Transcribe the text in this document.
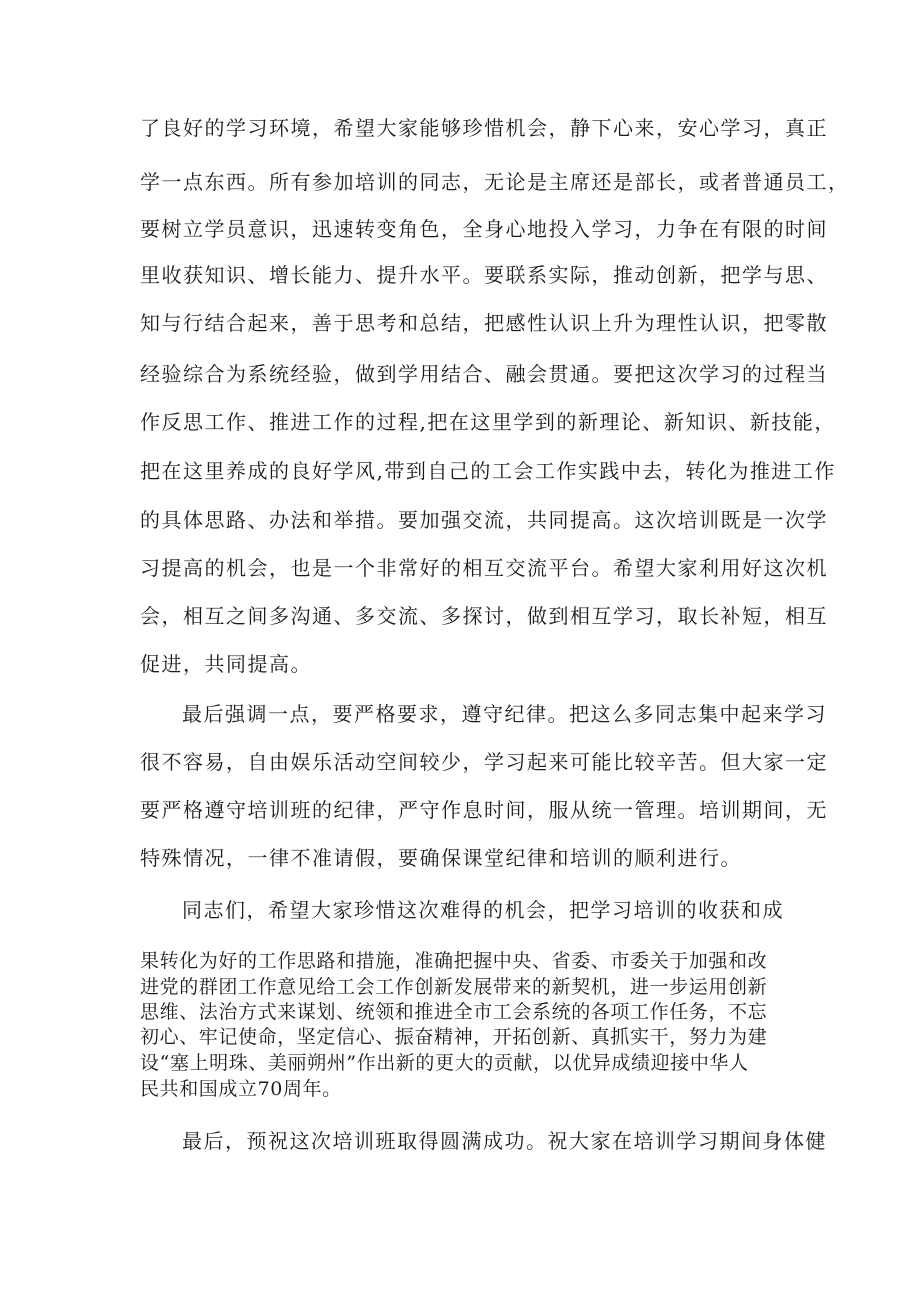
了良好的学习环境，希望大家能够珍惜机会，静下心来，安心学习，真正
学一点东西。所有参加培训的同志，无论是主席还是部长，或者普通员工，
要树立学员意识，迅速转变角色，全身心地投入学习，力争在有限的时间
里收获知识、增长能力、提升水平。要联系实际，推动创新，把学与思、
知与行结合起来，善于思考和总结，把感性认识上升为理性认识，把零散
经验综合为系统经验，做到学用结合、融会贯通。要把这次学习的过程当
作反思工作、推进工作的过程,把在这里学到的新理论、新知识、新技能，
把在这里养成的良好学风,带到自己的工会工作实践中去，转化为推进工作
的具体思路、办法和举措。要加强交流，共同提高。这次培训既是一次学
习提高的机会，也是一个非常好的相互交流平台。希望大家利用好这次机
会，相互之间多沟通、多交流、多探讨，做到相互学习，取长补短，相互
促进，共同提高。
最后强调一点，要严格要求，遵守纪律。把这么多同志集中起来学习
很不容易，自由娱乐活动空间较少，学习起来可能比较辛苦。但大家一定
要严格遵守培训班的纪律，严守作息时间，服从统一管理。培训期间，无
特殊情况，一律不准请假，要确保课堂纪律和培训的顺利进行。
同志们，希望大家珍惜这次难得的机会，把学习培训的收获和成
果转化为好的工作思路和措施，准确把握中央、省委、市委关于加强和改
进党的群团工作意见给工会工作创新发展带来的新契机，进一步运用创新
思维、法治方式来谋划、统领和推进全市工会系统的各项工作任务，不忘
初心、牢记使命，坚定信心、振奋精神，开拓创新、真抓实干，努力为建
设“塞上明珠、美丽朔州”作出新的更大的贡献，以优异成绩迎接中华人
民共和国成立70周年。
最后，预祝这次培训班取得圆满成功。祝大家在培训学习期间身体健
